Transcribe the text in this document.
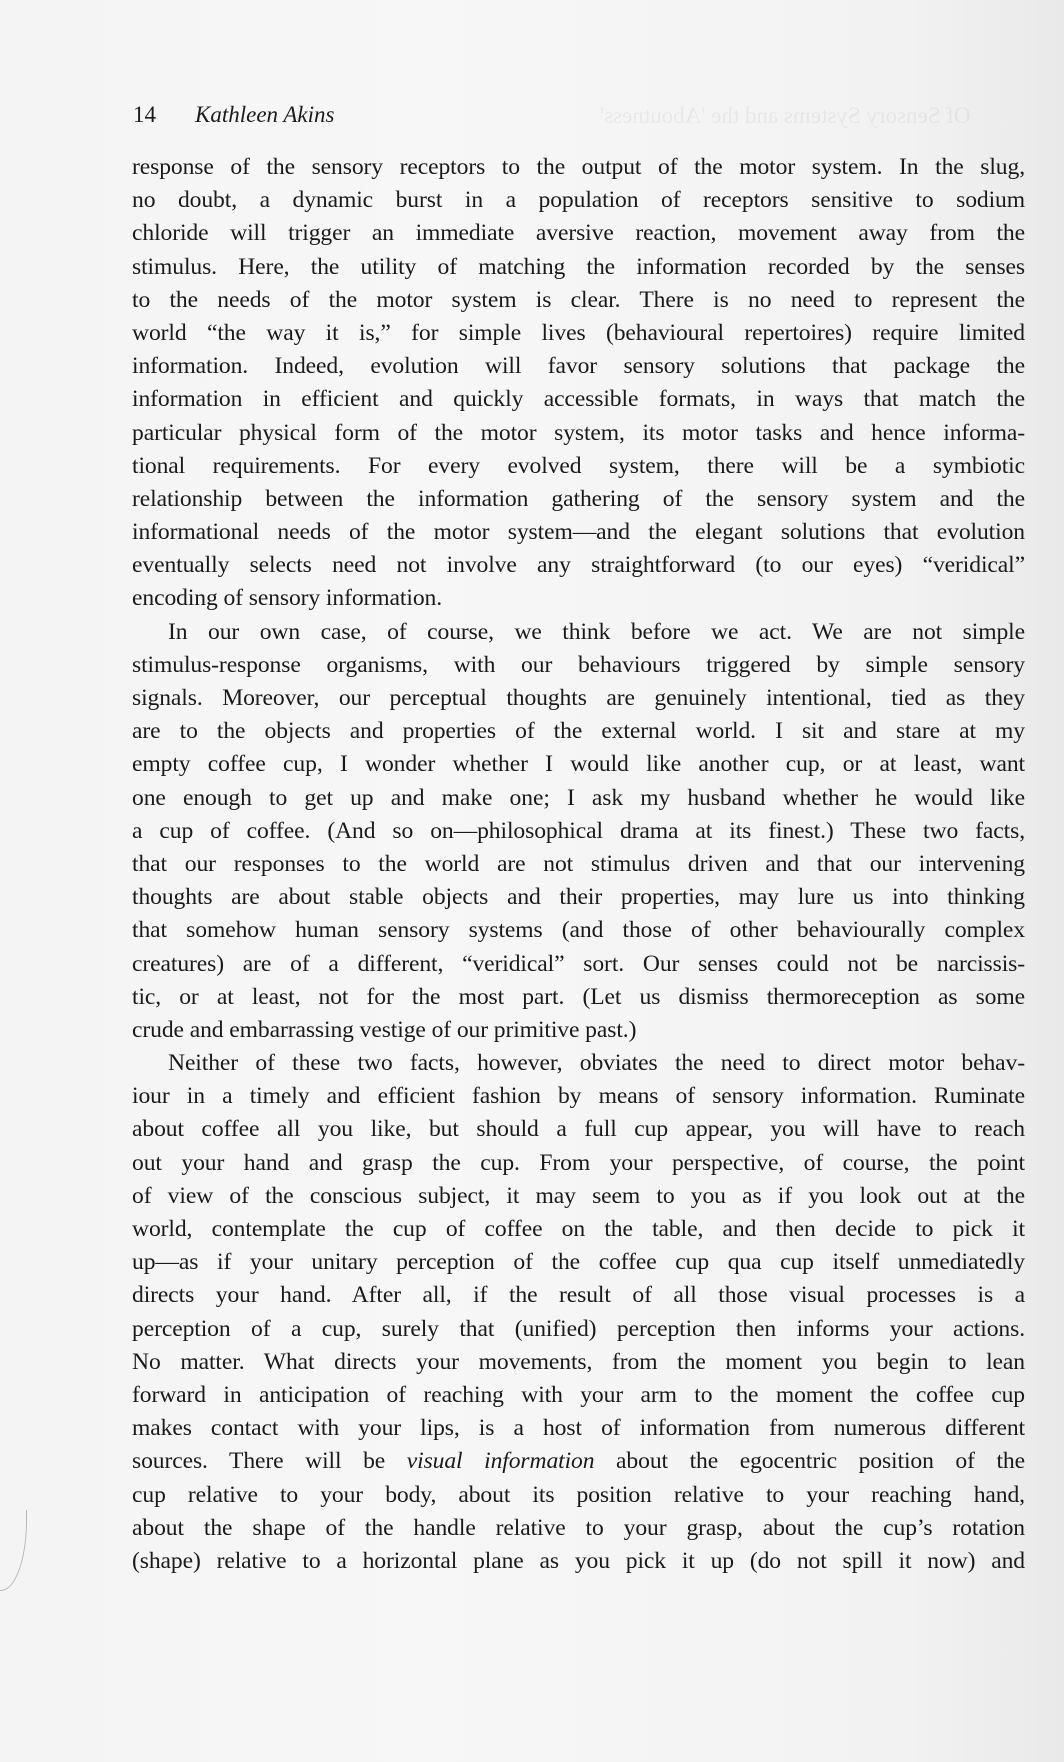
Of Sensory Systems and the 'Aboutness'
14 Kathleen Akins
response of the sensory receptors to the output of the motor system. In the slug,
no doubt, a dynamic burst in a population of receptors sensitive to sodium
chloride will trigger an immediate aversive reaction, movement away from the
stimulus. Here, the utility of matching the information recorded by the senses
to the needs of the motor system is clear. There is no need to represent the
world “the way it is,” for simple lives (behavioural repertoires) require limited
information. Indeed, evolution will favor sensory solutions that package the
information in efficient and quickly accessible formats, in ways that match the
particular physical form of the motor system, its motor tasks and hence informa-
tional requirements. For every evolved system, there will be a symbiotic
relationship between the information gathering of the sensory system and the
informational needs of the motor system—and the elegant solutions that evolution
eventually selects need not involve any straightforward (to our eyes) “veridical”
encoding of sensory information.
In our own case, of course, we think before we act. We are not simple
stimulus-response organisms, with our behaviours triggered by simple sensory
signals. Moreover, our perceptual thoughts are genuinely intentional, tied as they
are to the objects and properties of the external world. I sit and stare at my
empty coffee cup, I wonder whether I would like another cup, or at least, want
one enough to get up and make one; I ask my husband whether he would like
a cup of coffee. (And so on—philosophical drama at its finest.) These two facts,
that our responses to the world are not stimulus driven and that our intervening
thoughts are about stable objects and their properties, may lure us into thinking
that somehow human sensory systems (and those of other behaviourally complex
creatures) are of a different, “veridical” sort. Our senses could not be narcissis-
tic, or at least, not for the most part. (Let us dismiss thermoreception as some
crude and embarrassing vestige of our primitive past.)
Neither of these two facts, however, obviates the need to direct motor behav-
iour in a timely and efficient fashion by means of sensory information. Ruminate
about coffee all you like, but should a full cup appear, you will have to reach
out your hand and grasp the cup. From your perspective, of course, the point
of view of the conscious subject, it may seem to you as if you look out at the
world, contemplate the cup of coffee on the table, and then decide to pick it
up—as if your unitary perception of the coffee cup qua cup itself unmediatedly
directs your hand. After all, if the result of all those visual processes is a
perception of a cup, surely that (unified) perception then informs your actions.
No matter. What directs your movements, from the moment you begin to lean
forward in anticipation of reaching with your arm to the moment the coffee cup
makes contact with your lips, is a host of information from numerous different
sources. There will be visual information about the egocentric position of the
cup relative to your body, about its position relative to your reaching hand,
about the shape of the handle relative to your grasp, about the cup’s rotation
(shape) relative to a horizontal plane as you pick it up (do not spill it now) and
